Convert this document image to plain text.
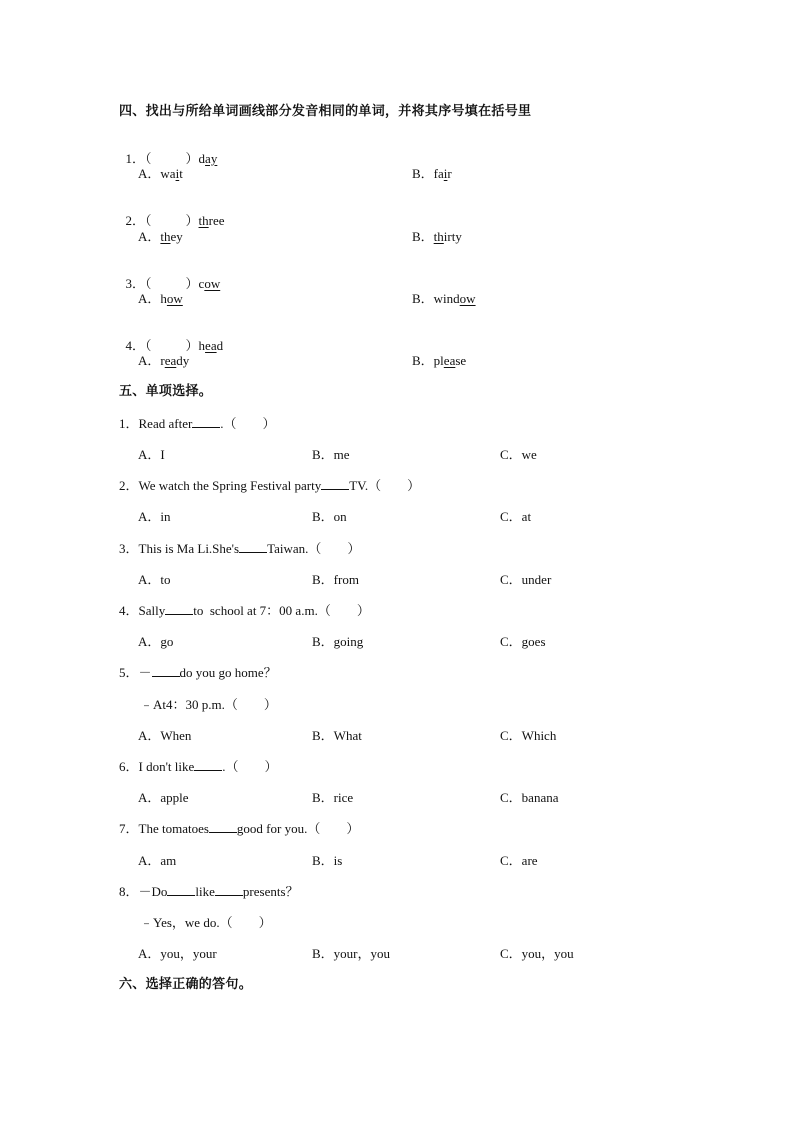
四、找出与所给单词画线部分发音相同的单词，并将其序号填在括号里

1．（	）day

A．wait	B．fair

2．（	）three

A．they	B．thirty

3．（	）cow

A．how	B．window

4．（	）head

A．ready	B．please
五、单项选择。
1．Read after .（　　）
A．I	B．me	C．we
2．We watch the Spring Festival party TV.（　　）
A．in	B．on	C．at
3．This is Ma Li.She's Taiwan.（　　）
A．to	B．from	C．under
4．Sally to  school at 7：00 a.m.（　　）
A．go	B．going	C．goes
5．－ do you go home？
﹣At4：30 p.m.（　　）
A．When	B．What	C．Which
6．I don't like .（　　）
A．apple	B．rice	C．banana
7．The tomatoes good for you.（　　）
A．am	B．is	C．are
8．－Do like presents？
﹣Yes，we do.（　　）
A．you，your	B．your，you	C．you，you
六、选择正确的答句。
